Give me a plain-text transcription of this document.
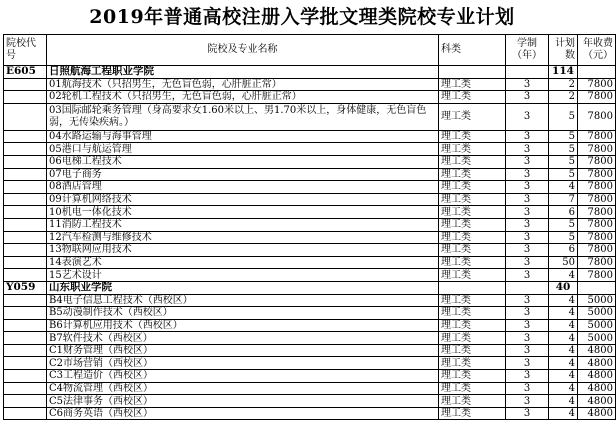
2019年普通高校注册入学批文理类院校专业计划
院校代号	院校及专业名称	科类	学制（年）	计划数	年收费（元）
E605	日照航海工程职业学院			114	
	01航海技术（只招男生，无色盲色弱，心肝脏正常）	理工类	3	2	7800
	02轮机工程技术（只招男生，无色盲色弱，心肝脏正常）	理工类	3	2	7800
	03国际邮轮乘务管理（身高要求女1.60米以上、男1.70米以上，身体健康，无色盲色弱，无传染疾病。）	理工类	3	5	7800
	04水路运输与海事管理	理工类	3	5	7800
	05港口与航运管理	理工类	3	5	7800
	06电梯工程技术	理工类	3	5	7800
	07电子商务	理工类	3	5	7800
	08酒店管理	理工类	3	4	7800
	09计算机网络技术	理工类	3	7	7800
	10机电一体化技术	理工类	3	6	7800
	11消防工程技术	理工类	3	5	7800
	12汽车检测与维修技术	理工类	3	5	7800
	13物联网应用技术	理工类	3	6	7800
	14表演艺术	理工类	3	50	7800
	15艺术设计	理工类	3	4	7800
Y059	山东职业学院			40	
	B4电子信息工程技术（西校区）	理工类	3	4	5000
	B5动漫制作技术（西校区）	理工类	3	4	5000
	B6计算机应用技术（西校区）	理工类	3	4	5000
	B7软件技术（西校区）	理工类	3	4	5000
	C1财务管理（西校区）	理工类	3	4	4800
	C2市场营销（西校区）	理工类	3	4	4800
	C3工程造价（西校区）	理工类	3	4	4800
	C4物流管理（西校区）	理工类	3	4	4800
	C5法律事务（西校区）	理工类	3	4	4800
	C6商务英语（西校区）	理工类	3	4	4800
